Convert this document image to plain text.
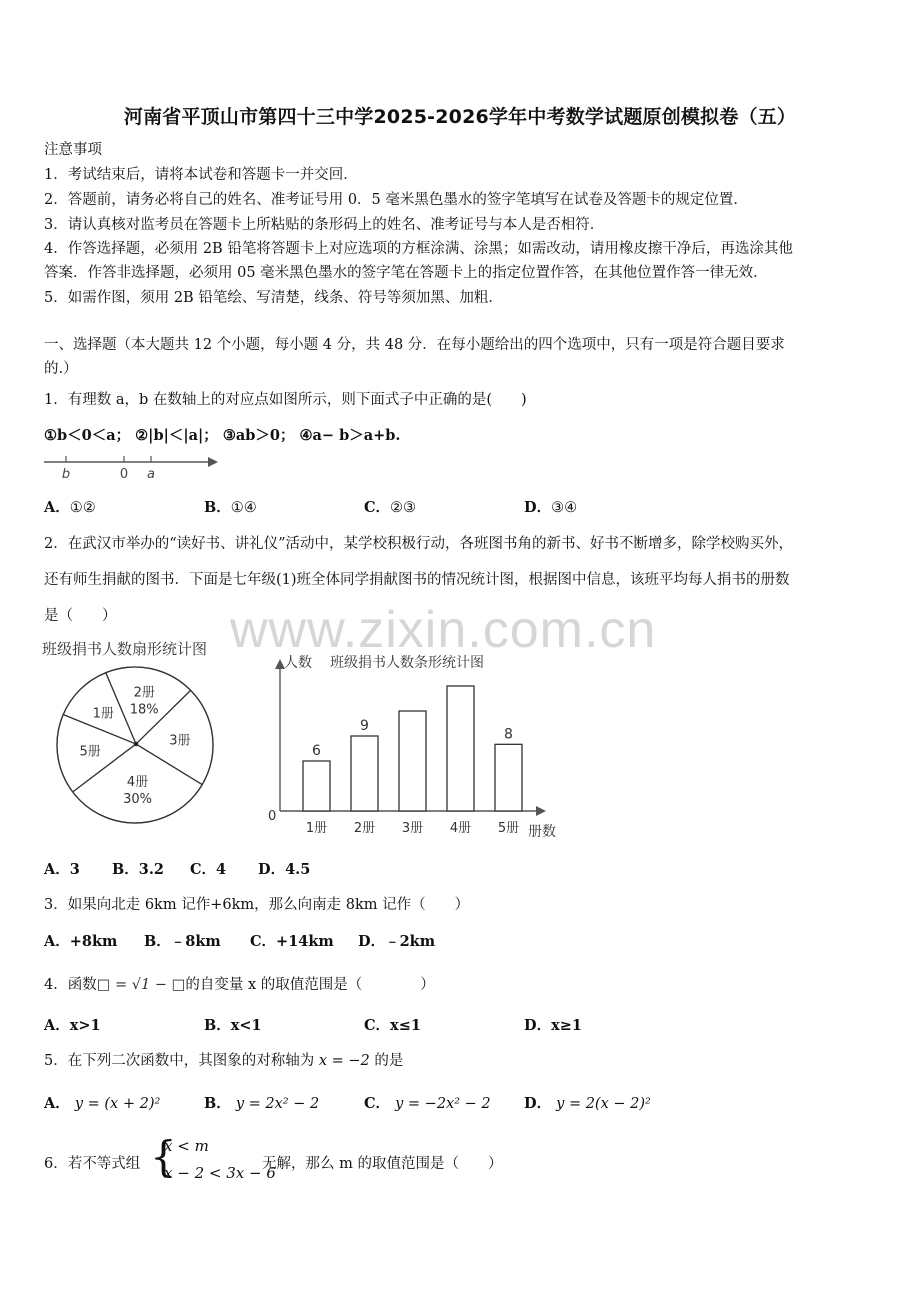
河南省平顶山市第四十三中学2025-2026学年中考数学试题原创模拟卷（五）
注意事项
1．考试结束后，请将本试卷和答题卡一并交回．
2．答题前，请务必将自己的姓名、准考证号用 0．5 毫米黑色墨水的签字笔填写在试卷及答题卡的规定位置．
3．请认真核对监考员在答题卡上所粘贴的条形码上的姓名、准考证号与本人是否相符．
4．作答选择题，必须用 2B 铅笔将答题卡上对应选项的方框涂满、涂黑；如需改动，请用橡皮擦干净后，再选涂其他
答案．作答非选择题，必须用 05 毫米黑色墨水的签字笔在答题卡上的指定位置作答，在其他位置作答一律无效．
5．如需作图，须用 2B 铅笔绘、写清楚，线条、符号等须加黑、加粗．
一、选择题（本大题共 12 个小题，每小题 4 分，共 48 分．在每小题给出的四个选项中，只有一项是符合题目要求
的.）
1．有理数 a，b 在数轴上的对应点如图所示，则下面式子中正确的是(　　)
①b＜0＜a； ②|b|＜|a|； ③ab＞0； ④a− b＞a+b.
b	0 a
A．①②	B．①④	C．②③	D．③④
2．在武汉市举办的“读好书、讲礼仪”活动中，某学校积极行动，各班图书角的新书、好书不断增多，除学校购买外，
还有师生捐献的图书．下面是七年级(1)班全体同学捐献图书的情况统计图，根据图中信息，该班平均每人捐书的册数
是（　　） www.zixin.com.cn
班级捐书人数扇形统计图
2册
18%
3册
4册
30%
5册
1册
0
人数 班级捐书人数条形统计图
册数
6
1册
9
2册 3册 4册
8
5册
A．3 B．3.2 C．4 D．4.5
3．如果向北走 6km 记作+6km，那么向南走 8km 记作（　　）
A．+8km B．﹣8km C．+14km D．﹣2km
4．函数□ = √1 − □的自变量 x 的取值范围是（　　　　）
A．x>1	B．x<1	C．x≤1	D．x≥1
5．在下列二次函数中，其图象的对称轴为 x = −2 的是
A． y = (x + 2)²	B． y = 2x² − 2	C． y = −2x² − 2 D． y = 2(x − 2)²
6．若不等式组 {
x < m
x − 2 < 3x − 6
无解，那么 m 的取值范围是（　　）
